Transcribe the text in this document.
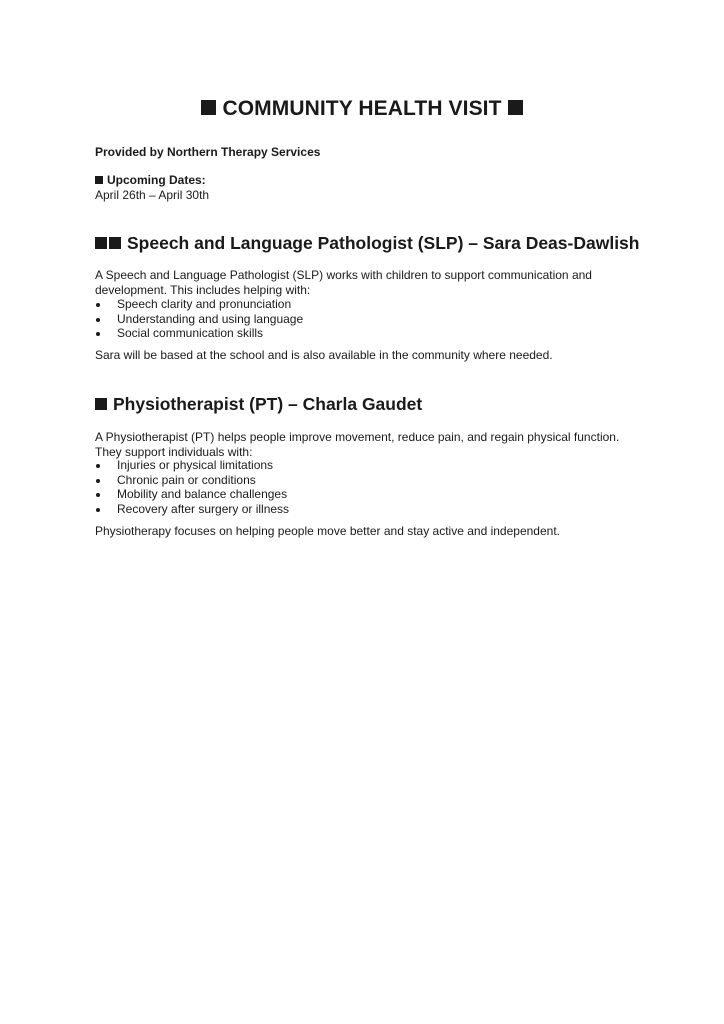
COMMUNITY HEALTH VISIT
Provided by Northern Therapy Services
Upcoming Dates:
April 26th – April 30th
Speech and Language Pathologist (SLP) – Sara Deas-Dawlish
A Speech and Language Pathologist (SLP) works with children to support communication and
development. This includes helping with:
Speech clarity and pronunciation
Understanding and using language
Social communication skills
Sara will be based at the school and is also available in the community where needed.
Physiotherapist (PT) – Charla Gaudet
A Physiotherapist (PT) helps people improve movement, reduce pain, and regain physical function.
They support individuals with:
Injuries or physical limitations
Chronic pain or conditions
Mobility and balance challenges
Recovery after surgery or illness
Physiotherapy focuses on helping people move better and stay active and independent.
